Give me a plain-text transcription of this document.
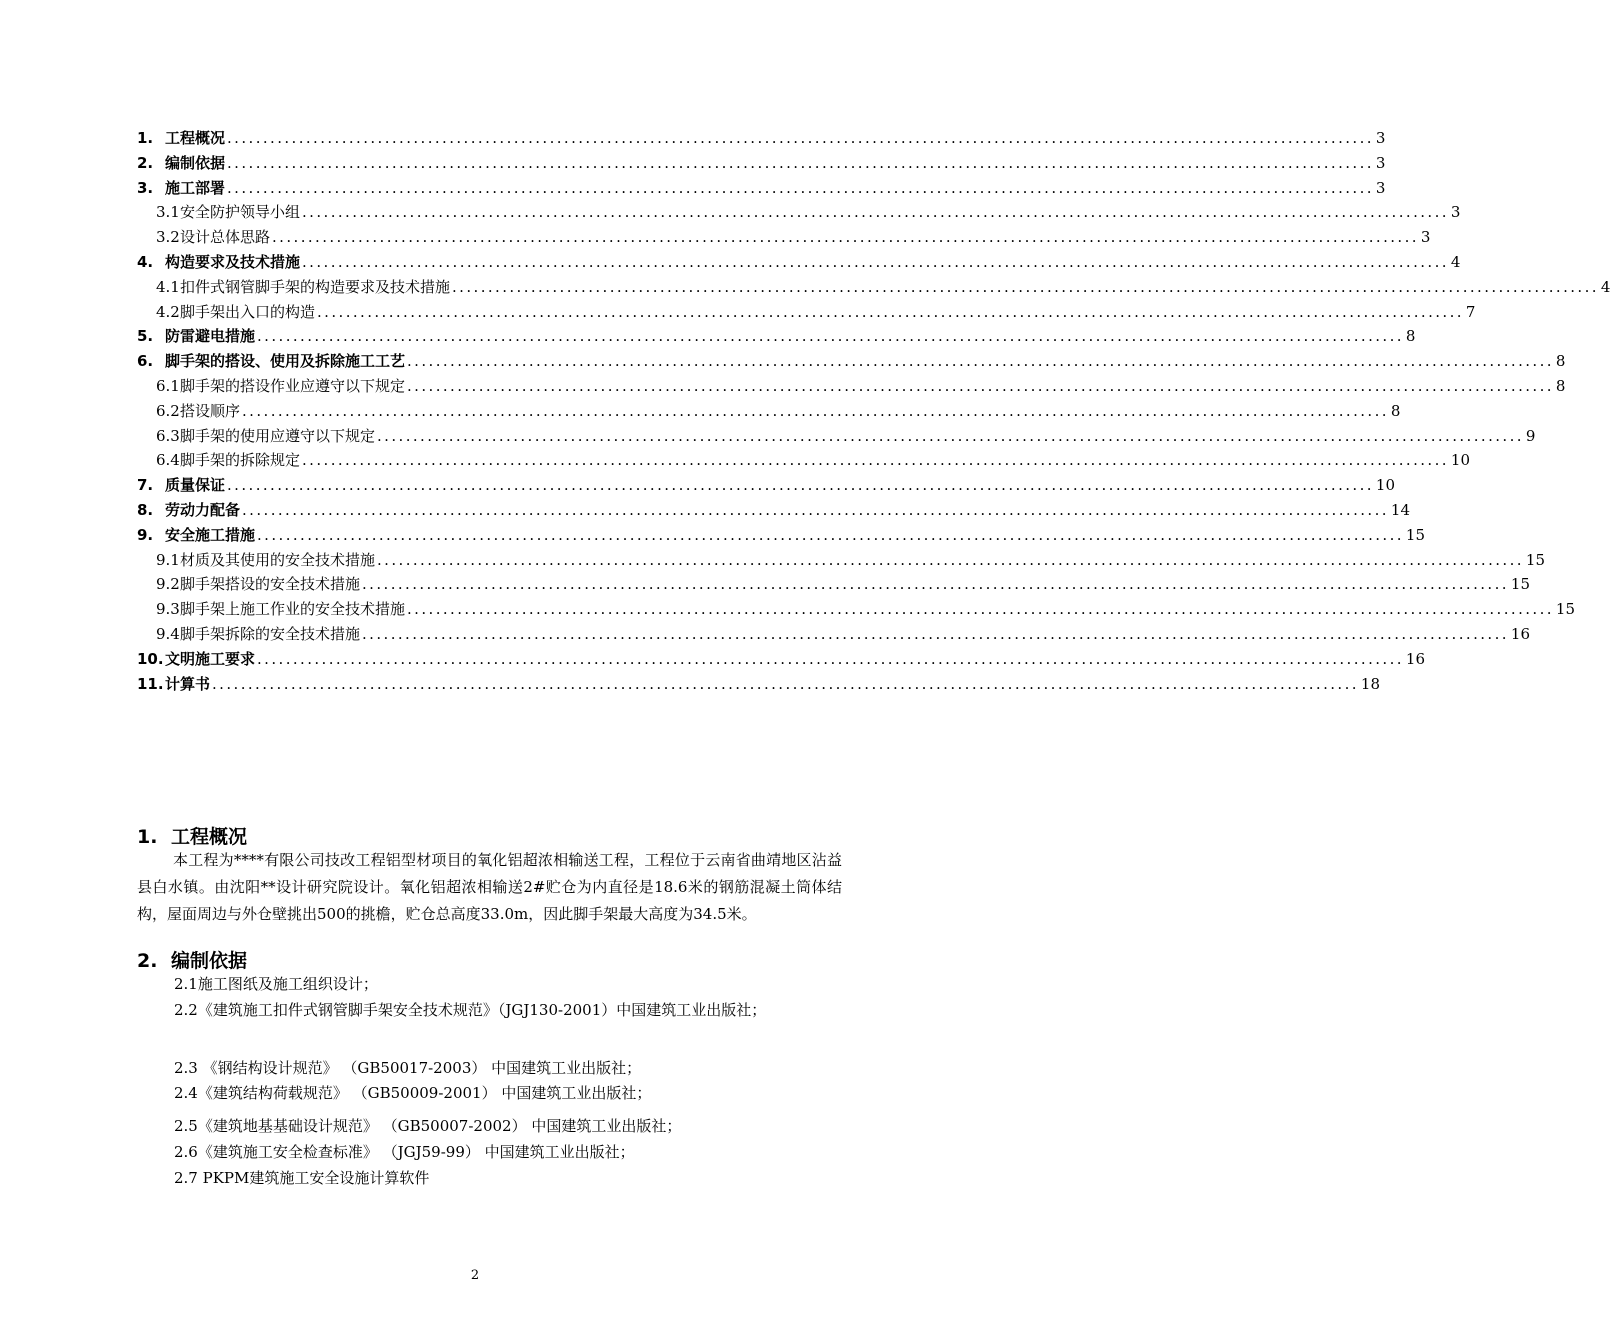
1. 工程概况 ................................................................................................................................................................ 3
2. 编制依据 ................................................................................................................................................................ 3
3. 施工部署 ................................................................................................................................................................ 3
3.1 安全防护领导小组 ................................................................................................................................................................ 3
3.2 设计总体思路 ................................................................................................................................................................ 3
4. 构造要求及技术措施 ................................................................................................................................................................ 4
4.1 扣件式钢管脚手架的构造要求及技术措施 ................................................................................................................................................................ 4
4.2 脚手架出入口的构造 ................................................................................................................................................................ 7
5. 防雷避电措施 ................................................................................................................................................................ 8
6. 脚手架的搭设、使用及拆除施工工艺 ................................................................................................................................................................ 8
6.1 脚手架的搭设作业应遵守以下规定 ................................................................................................................................................................ 8
6.2 搭设顺序 ................................................................................................................................................................ 8
6.3 脚手架的使用应遵守以下规定 ................................................................................................................................................................ 9
6.4 脚手架的拆除规定 ................................................................................................................................................................ 10
7. 质量保证 ................................................................................................................................................................ 10
8. 劳动力配备 ................................................................................................................................................................ 14
9. 安全施工措施 ................................................................................................................................................................ 15
9.1 材质及其使用的安全技术措施 ................................................................................................................................................................ 15
9.2 脚手架搭设的安全技术措施 ................................................................................................................................................................ 15
9.3 脚手架上施工作业的安全技术措施 ................................................................................................................................................................ 15
9.4 脚手架拆除的安全技术措施 ................................................................................................................................................................ 16
10. 文明施工要求 ................................................................................................................................................................ 16
11. 计算书 ................................................................................................................................................................ 18
1. 工程概况

本工程为****有限公司技改工程铝型材项目的氧化铝超浓相输送工程，工程位于云南省曲靖地区沾益县白水镇。由沈阳**设计研究院设计。氧化铝超浓相输送2#贮仓为内直径是18.6米的钢筋混凝土筒体结构，屋面周边与外仓壁挑出500的挑檐，贮仓总高度33.0m，因此脚手架最大高度为34.5米。

2. 编制依据
2.1施工图纸及施工组织设计；
2.2《建筑施工扣件式钢管脚手架安全技术规范》（JGJ130-2001）中国建筑工业出版社；
2.3 《钢结构设计规范》 （GB50017-2003） 中国建筑工业出版社；
2.4《建筑结构荷载规范》 （GB50009-2001） 中国建筑工业出版社；
2.5《建筑地基基础设计规范》 （GB50007-2002） 中国建筑工业出版社；
2.6《建筑施工安全检查标准》 （JGJ59-99） 中国建筑工业出版社；
2.7 PKPM建筑施工安全设施计算软件
2
